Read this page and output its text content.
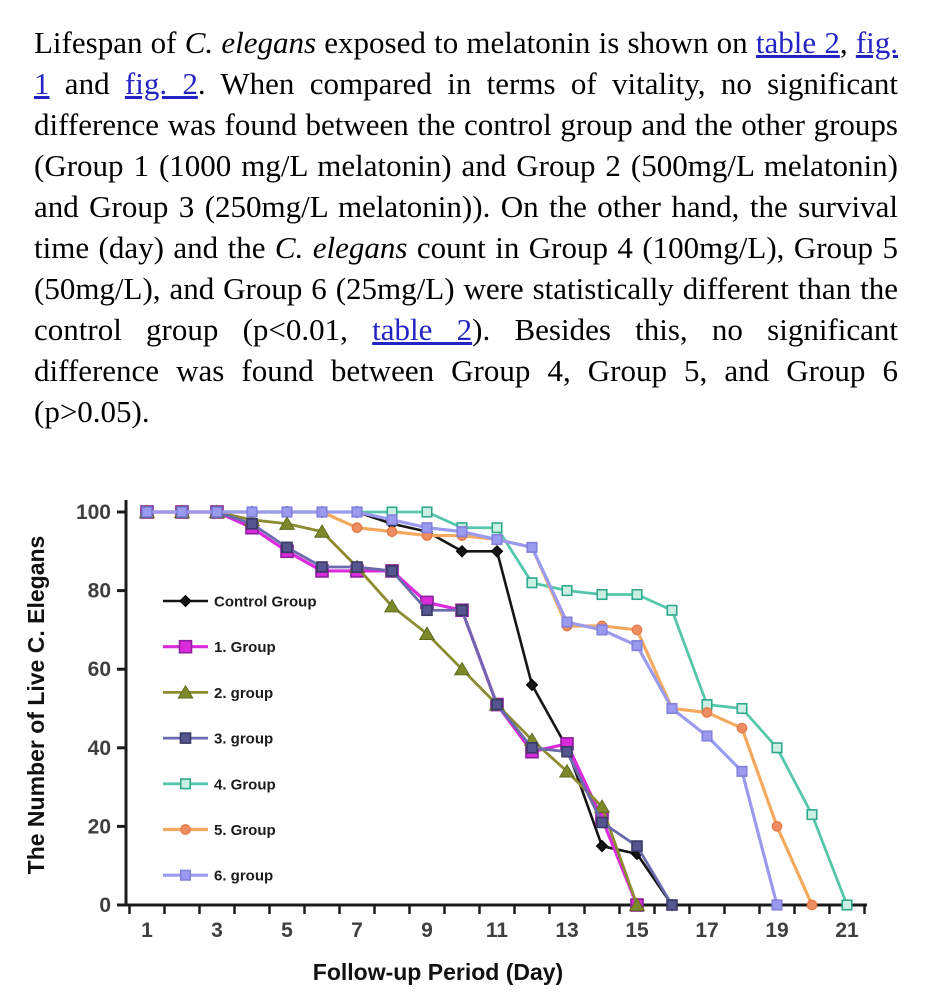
Lifespan of C. elegans exposed to melatonin is shown on table 2, fig. 1 and fig. 2. When compared in terms of vitality, no significant difference was found between the control group and the other groups (Group 1 (1000 mg/L melatonin) and Group 2 (500mg/L melatonin) and Group 3 (250mg/L melatonin)). On the other hand, the survival time (day) and the C. elegans count in Group 4 (100mg/L), Group 5 (50mg/L), and Group 6 (25mg/L) were statistically different than the control group (p<0.01, table 2). Besides this, no significant difference was found between Group 4, Group 5, and Group 6 (p>0.05).

0
20
40
60
80
100
1	3	5	7	9	11 13 15 17 19 21
Follow-up Period (Day)
The Number of Live C. Elegans	Control Group
1. Group
2. group
3. group
4. Group
5. Group
6. group
